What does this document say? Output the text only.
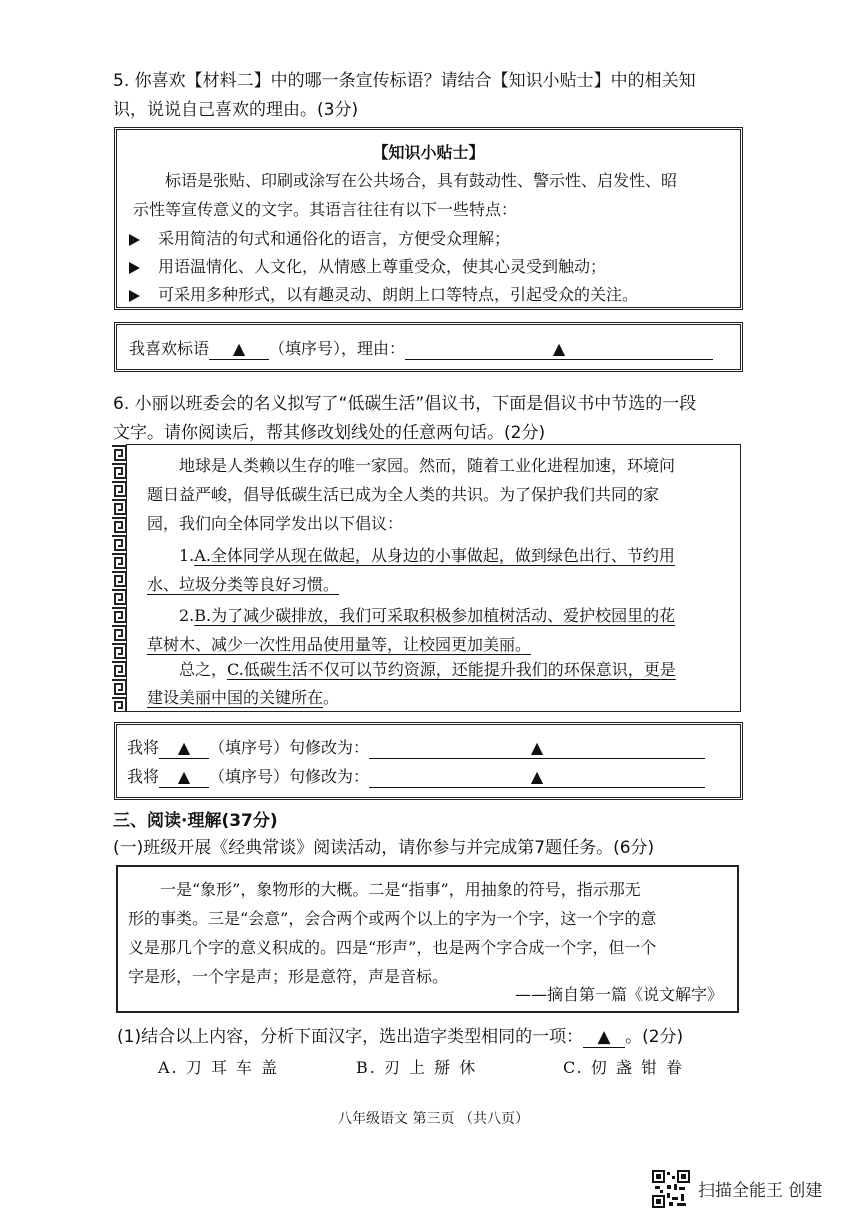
5. 你喜欢【材料二】中的哪一条宣传标语？请结合【知识小贴士】中的相关知
识，说说自己喜欢的理由。(3分)
【知识小贴士】
标语是张贴、印刷或涂写在公共场合，具有鼓动性、警示性、启发性、昭
示性等宣传意义的文字。其语言往往有以下一些特点：
采用简洁的句式和通俗化的语言，方便受众理解；
用语温情化、人文化，从情感上尊重受众，使其心灵受到触动；
可采用多种形式，以有趣灵动、朗朗上口等特点，引起受众的关注。
我喜欢标语 ▲ （填序号），理由：	▲
6. 小丽以班委会的名义拟写了“低碳生活”倡议书，下面是倡议书中节选的一段
文字。请你阅读后，帮其修改划线处的任意两句话。(2分)
地球是人类赖以生存的唯一家园。然而，随着工业化进程加速，环境问
题日益严峻，倡导低碳生活已成为全人类的共识。为了保护我们共同的家
园，我们向全体同学发出以下倡议：
1.A.全体同学从现在做起，从身边的小事做起，做到绿色出行、节约用
水、垃圾分类等良好习惯。
2.B.为了减少碳排放，我们可采取积极参加植树活动、爱护校园里的花
草树木、减少一次性用品使用量等，让校园更加美丽。
总之，C.低碳生活不仅可以节约资源，还能提升我们的环保意识，更是
建设美丽中国的关键所在。
我将 ▲ （填序号）句修改为：	▲
我将 ▲ （填序号）句修改为：	▲
三、阅读·理解(37分)
(一)班级开展《经典常谈》阅读活动，请你参与并完成第7题任务。(6分)
一是“象形”，象物形的大概。二是“指事”，用抽象的符号，指示那无
形的事类。三是“会意”，会合两个或两个以上的字为一个字，这一个字的意
义是那几个字的意义积成的。四是“形声”，也是两个字合成一个字，但一个
字是形，一个字是声；形是意符，声是音标。
——摘自第一篇《说文解字》
(1)结合以上内容，分析下面汉字，选出造字类型相同的一项： ▲ 。(2分)
A. 刀 耳 车 盖	B. 刃 上 掰 休	C. 仞 盏 钳 眷
八年级语文 第三页 （共八页）
扫描全能王 创建
